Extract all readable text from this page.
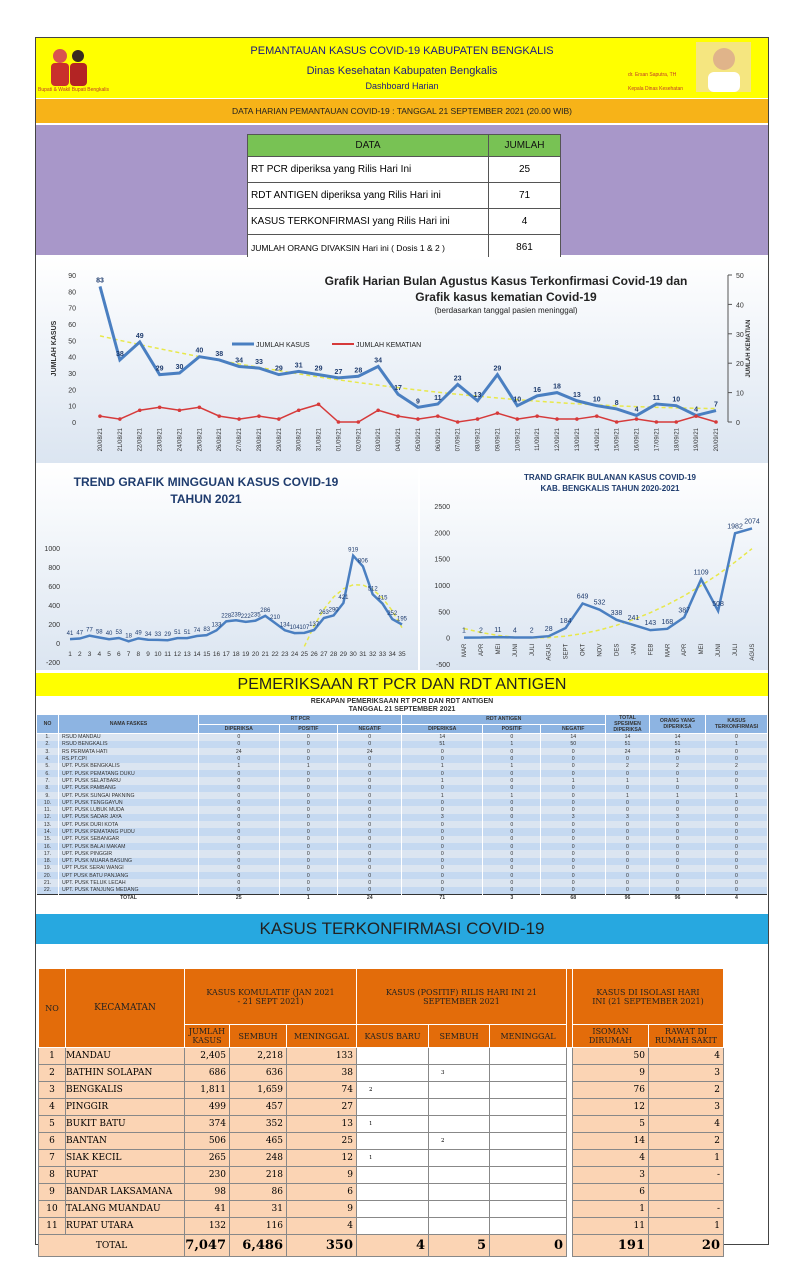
Bupati & Wakil Bupati Bengkalis
PEMANTAUAN KASUS COVID-19 KABUPATEN BENGKALIS
Dinas Kesehatan Kabupaten Bengkalis
Dashboard Harian
dr. Ersan Saputra, TH
Kepala Dinas Kesehatan
DATA HARIAN PEMANTAUAN COVID-19 : TANGGAL 21 SEPTEMBER 2021 (20.00 WIB)
DATA	JUMLAH
RT PCR diperiksa yang Rilis Hari Ini	25
RDT ANTIGEN diperiksa yang Rilis Hari ini	71
KASUS TERKONFIRMASI yang Rilis Hari ini	4
JUMLAH ORANG DIVAKSIN Hari ini ( Dosis 1 & 2 )	861
0
10
20
30
40
50
60
70
80
90
0
10
20
30
40
50
JUMLAH KASUS	JUMLAH KEMATIAN
Grafik Harian Bulan Agustus Kasus Terkonfirmasi Covid-19 dan
Grafik kasus kematian Covid-19
(berdasarkan tanggal pasien meninggal)
20/08/21 21/08/21 22/08/21 23/08/21 24/08/21 25/08/21 26/08/21 27/08/21 28/08/21 29/08/21 30/08/21 31/08/21 01/09/21 02/09/21 03/09/21 04/09/21 05/09/21 06/09/21 07/09/21 08/09/21 09/09/21 10/09/21 11/09/21 12/09/21 13/09/21 14/09/21 15/09/21 16/09/21 17/09/21 18/09/21 19/09/21 20/09/21
83
38
49
29 30
40 38
34 33
29 31 29 27 28
34
17
9 11
23
13
29
10
16 18
13
10 8
4
11 10
4
7
JUMLAH KASUS	JUMLAH KEMATIAN
TREND GRAFIK MINGGUAN KASUS COVID-19
TAHUN 2021
-200
0
200
400
600
800
1000
1 2 3 4 5 6 7 8 9 10 11 12 13 14 15 16 17 18 19 20 21 22 23 24 25 26 27 28 29 30 31 32 33 34 35
41 47 77 58 40 53
18 49 34 33 29 51 51 74 83
133
228 239 222 235
286
210
134 104 107 137
263 290
421
919
806
512
415
252
195
TRAND GRAFIK BULANAN KASUS COVID-19
KAB. BENGKALIS TAHUN 2020-2021
-500
0
500
1000
1500
2000
2500
MAR APR MEI JUNI JULI AGUS SEPT OKT NOV DES JAN FEB MAR APR MEI JUNI JULI AGUS
1 2 11 4 2 28
184
649
532
338
241
143 168
387
1109
508
1982
2074
PEMERIKSAAN RT PCR DAN RDT ANTIGEN
REKAPAN PEMERIKSAAN RT PCR DAN RDT ANTIGEN
TANGGAL 21 SEPTEMBER 2021
NO	NAMA FASKES	RT PCR			RDT ANTIGEN			TOTAL SPESIMEN DIPERIKSA	ORANG YANG DIPERIKSA	KASUS TERKONFIRMASI
		DIPERIKSA	POSITIF	NEGATIF	DIPERIKSA	POSITIF	NEGATIF			
1.	RSUD MANDAU	0	0	0	14	0	14	14	14	0
2.	RSUD BENGKALIS	0	0	0	51	1	50	51	51	1
3.	RS PERMATA HATI	24	0	24	0	0	0	24	24	0
4.	RS.PT.CPI	0	0	0	0	0	0	0	0	0
5.	UPT. PUSK BENGKALIS	1	1	0	1	1	0	2	2	2
6.	UPT. PUSK PEMATANG DUKU	0	0	0	0	0	0	0	0	0
7.	UPT. PUSK SELATBARU	0	0	0	1	0	1	1	1	0
8.	UPT. PUSK PAMBANG	0	0	0	0	0	0	0	0	0
9.	UPT. PUSK SUNGAI PAKNING	0	0	0	1	1	0	1	1	1
10.	UPT. PUSK TENGGAYUN	0	0	0	0	0	0	0	0	0
11.	UPT. PUSK LUBUK MUDA	0	0	0	0	0	0	0	0	0
12.	UPT. PUSK SADAR JAYA	0	0	0	3	0	3	3	3	0
13.	UPT. PUSK DURI KOTA	0	0	0	0	0	0	0	0	0
14.	UPT. PUSK PEMATANG PUDU	0	0	0	0	0	0	0	0	0
15.	UPT. PUSK SEBANGAR	0	0	0	0	0	0	0	0	0
16.	UPT. PUSK BALAI MAKAM	0	0	0	0	0	0	0	0	0
17.	UPT. PUSK PINGGIR	0	0	0	0	0	0	0	0	0
18.	UPT. PUSK MUARA BASUNG	0	0	0	0	0	0	0	0	0
19.	UPT PUSK SERAI WANGI	0	0	0	0	0	0	0	0	0
20.	UPT PUSK BATU PANJANG	0	0	0	0	0	0	0	0	0
21.	UPT. PUSK TELUK LECAH	0	0	0	0	0	0	0	0	0
22.	UPT. PUSK TANJUNG MEDANG	0	0	0	0	0	0	0	0	0
	TOTAL	25	1	24	71	3	68	96	96	4
KASUS TERKONFIRMASI COVID-19
NO	KECAMATAN	KASUS KOMULATIF (JAN 2021 - 21 SEPT 2021)			KASUS (POSITIF) RILIS HARI INI 21 SEPTEMBER 2021				KASUS DI ISOLASI HARI INI (21 SEPTEMBER 2021)	
		JUMLAH KASUS	SEMBUH	MENINGGAL	KASUS BARU	SEMBUH	MENINGGAL		ISOMAN DIRUMAH	RAWAT DI RUMAH SAKIT
1	MANDAU	2,405	2,218	133					50	4
2	BATHIN SOLAPAN	686	636	38		3			9	3
3	BENGKALIS	1,811	1,659	74	2				76	2
4	PINGGIR	499	457	27					12	3
5	BUKIT BATU	374	352	13	1				5	4
6	BANTAN	506	465	25		2			14	2
7	SIAK KECIL	265	248	12	1				4	1
8	RUPAT	230	218	9					3	-
9	BANDAR LAKSAMANA	98	86	6					6	
10	TALANG MUANDAU	41	31	9					1	-
11	RUPAT UTARA	132	116	4					11	1
TOTAL		7,047	6,486	350	4	5	0		191	20
